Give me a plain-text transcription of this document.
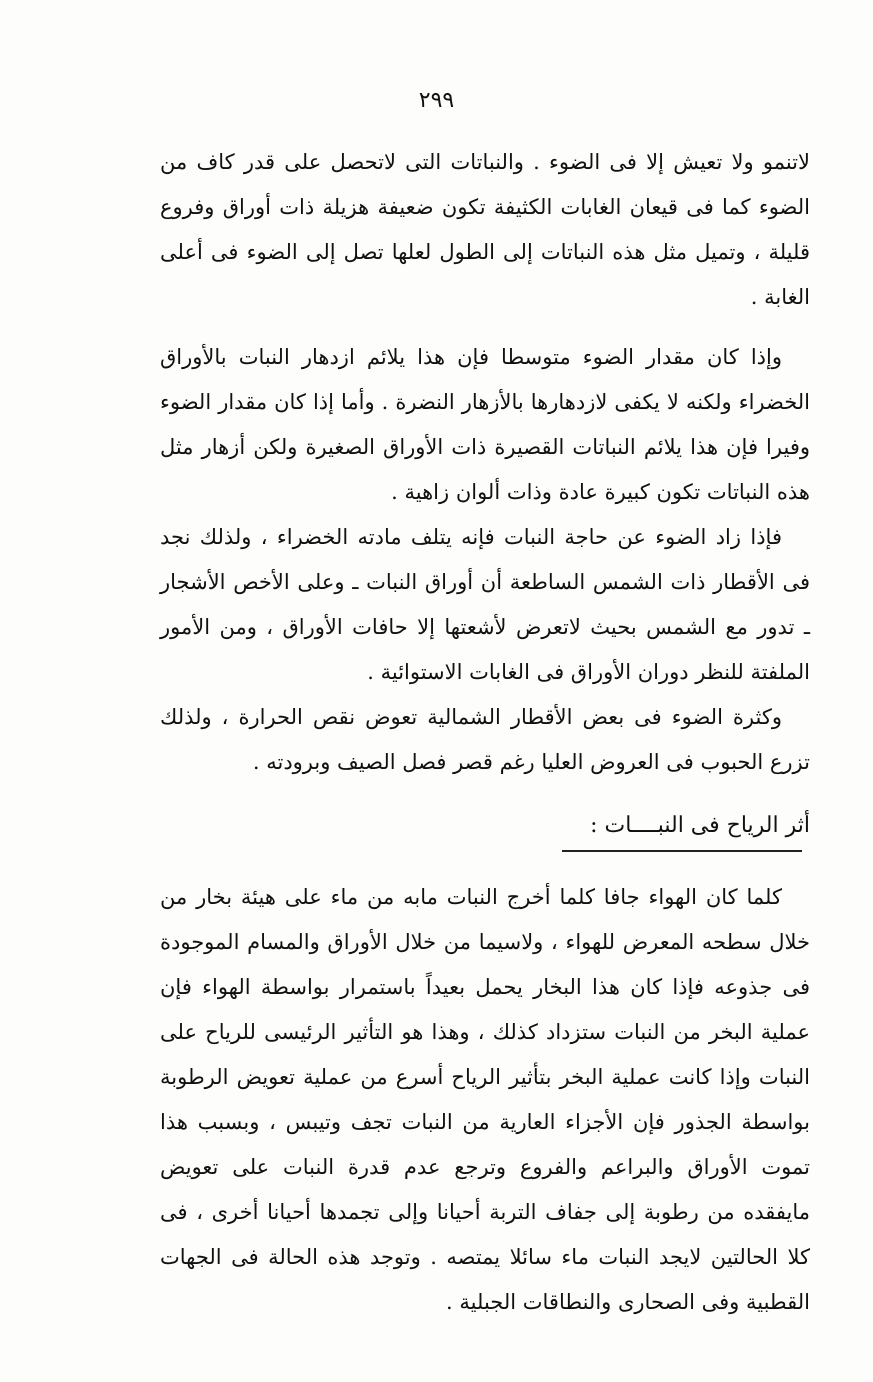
٢٩٩

لاتنمو ولا تعيش إلا فى الضوء . والنباتات التى لاتحصل على قدر كاف من الضوء كما فى قيعان الغابات الكثيفة تكون ضعيفة هزيلة ذات أوراق وفروع قليلة ، وتميل مثل هذه النباتات إلى الطول لعلها تصل إلى الضوء فى أعلى الغابة .

وإذا كان مقدار الضوء متوسطا فإن هذا يلائم ازدهار النبات بالأوراق الخضراء ولكنه لا يكفى لازدهارها بالأزهار النضرة . وأما إذا كان مقدار الضوء وفيرا فإن هذا يلائم النباتات القصيرة ذات الأوراق الصغيرة ولكن أزهار مثل هذه النباتات تكون كبيرة عادة وذات ألوان زاهية .

فإذا زاد الضوء عن حاجة النبات فإنه يتلف مادته الخضراء ، ولذلك نجد فى الأقطار ذات الشمس الساطعة أن أوراق النبات ـ وعلى الأخص الأشجار ـ تدور مع الشمس بحيث لاتعرض لأشعتها إلا حافات الأوراق ، ومن الأمور الملفتة للنظر دوران الأوراق فى الغابات الاستوائية .

وكثرة الضوء فى بعض الأقطار الشمالية تعوض نقص الحرارة ، ولذلك تزرع الحبوب فى العروض العليا رغم قصر فصل الصيف وبرودته .

أثر الرياح فى النبــــات :

كلما كان الهواء جافا كلما أخرج النبات مابه من ماء على هيئة بخار من خلال سطحه المعرض للهواء ، ولاسيما من خلال الأوراق والمسام الموجودة فى جذوعه فإذا كان هذا البخار يحمل بعيداً باستمرار بواسطة الهواء فإن عملية البخر من النبات ستزداد كذلك ، وهذا هو التأثير الرئيسى للرياح على النبات وإذا كانت عملية البخر بتأثير الرياح أسرع من عملية تعويض الرطوبة بواسطة الجذور فإن الأجزاء العارية من النبات تجف وتيبس ، وبسبب هذا تموت الأوراق والبراعم والفروع وترجع عدم قدرة النبات على تعويض مايفقده من رطوبة إلى جفاف التربة أحيانا وإلى تجمدها أحيانا أخرى ، فى كلا الحالتين لايجد النبات ماء سائلا يمتصه . وتوجد هذه الحالة فى الجهات القطبية وفى الصحارى والنطاقات الجبلية .
